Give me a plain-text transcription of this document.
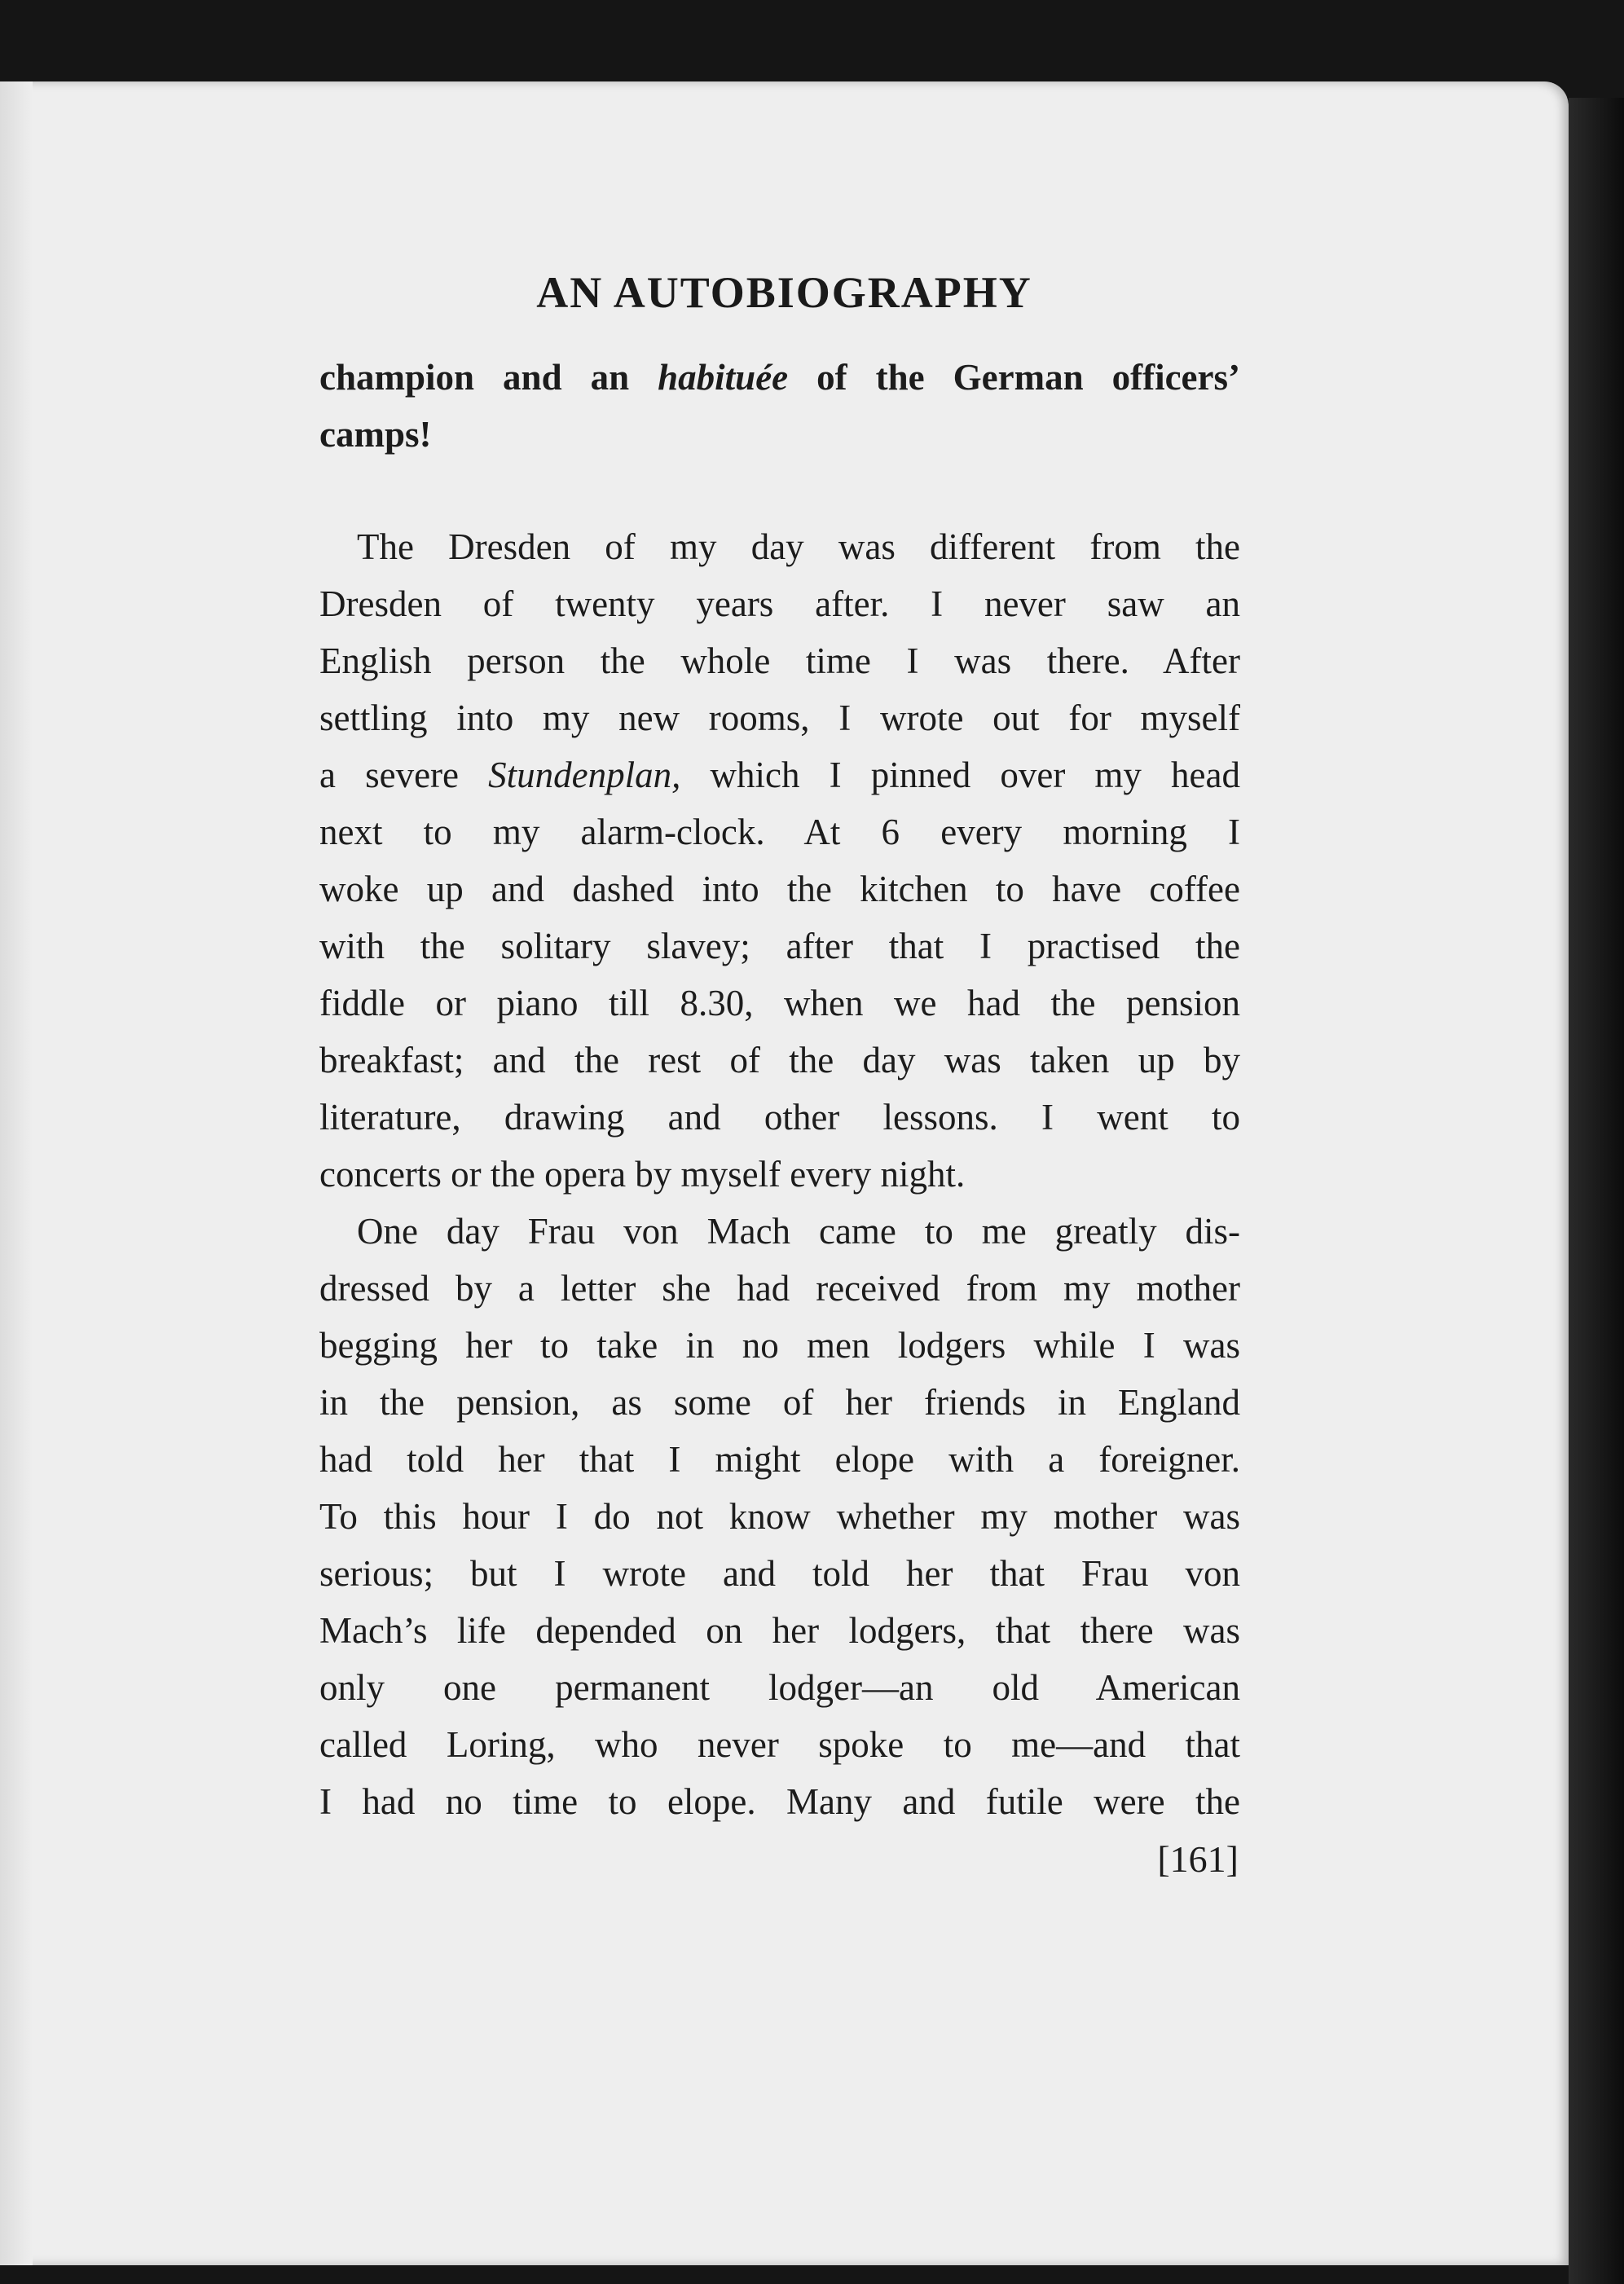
AN AUTOBIOGRAPHY
champion and an habituée of the German officers’
camps!
The Dresden of my day was different from the
Dresden of twenty years after. I never saw an
English person the whole time I was there. After
settling into my new rooms, I wrote out for myself
a severe Stundenplan, which I pinned over my head
next to my alarm-clock. At 6 every morning I
woke up and dashed into the kitchen to have coffee
with the solitary slavey; after that I practised the
fiddle or piano till 8.30, when we had the pension
breakfast; and the rest of the day was taken up by
literature, drawing and other lessons. I went to
concerts or the opera by myself every night.
One day Frau von Mach came to me greatly dis-
dressed by a letter she had received from my mother
begging her to take in no men lodgers while I was
in the pension, as some of her friends in England
had told her that I might elope with a foreigner.
To this hour I do not know whether my mother was
serious; but I wrote and told her that Frau von
Mach’s life depended on her lodgers, that there was
only one permanent lodger—an old American
called Loring, who never spoke to me—and that
I had no time to elope. Many and futile were the
[161]
